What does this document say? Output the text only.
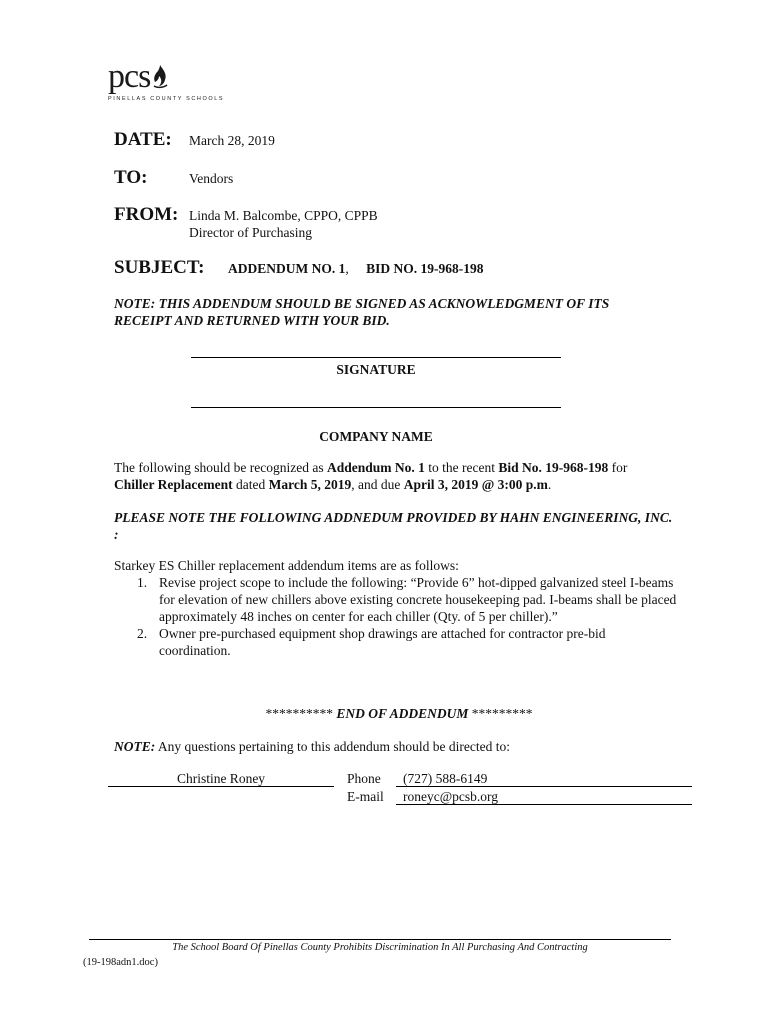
pcs
PINELLAS COUNTY SCHOOLS
DATE: March 28, 2019
TO:	Vendors
FROM: Linda M. Balcombe, CPPO, CPPB
Director of Purchasing
SUBJECT: ADDENDUM NO. 1, BID NO. 19-968-198
NOTE: THIS ADDENDUM SHOULD BE SIGNED AS ACKNOWLEDGMENT OF ITS RECEIPT AND RETURNED WITH YOUR BID.
SIGNATURE
COMPANY NAME
The following should be recognized as Addendum No. 1 to the recent Bid No. 19-968-198 for
Chiller Replacement dated March 5, 2019, and due April 3, 2019 @ 3:00 p.m.
PLEASE NOTE THE FOLLOWING ADDNEDUM PROVIDED BY HAHN ENGINEERING, INC. :
Starkey ES Chiller replacement addendum items are as follows:
1. Revise project scope to include the following: “Provide 6” hot-dipped galvanized steel I-beams for elevation of new chillers above existing concrete housekeeping pad. I-beams shall be placed approximately 48 inches on center for each chiller (Qty. of 5 per chiller).”
2. Owner pre-purchased equipment shop drawings are attached for contractor pre-bid coordination.
********** END OF ADDENDUM *********
NOTE: Any questions pertaining to this addendum should be directed to:
Christine Roney	Phone (727) 588-6149
E-mail roneyc@pcsb.org
The School Board Of Pinellas County Prohibits Discrimination In All Purchasing And Contracting
(19-198adn1.doc)
